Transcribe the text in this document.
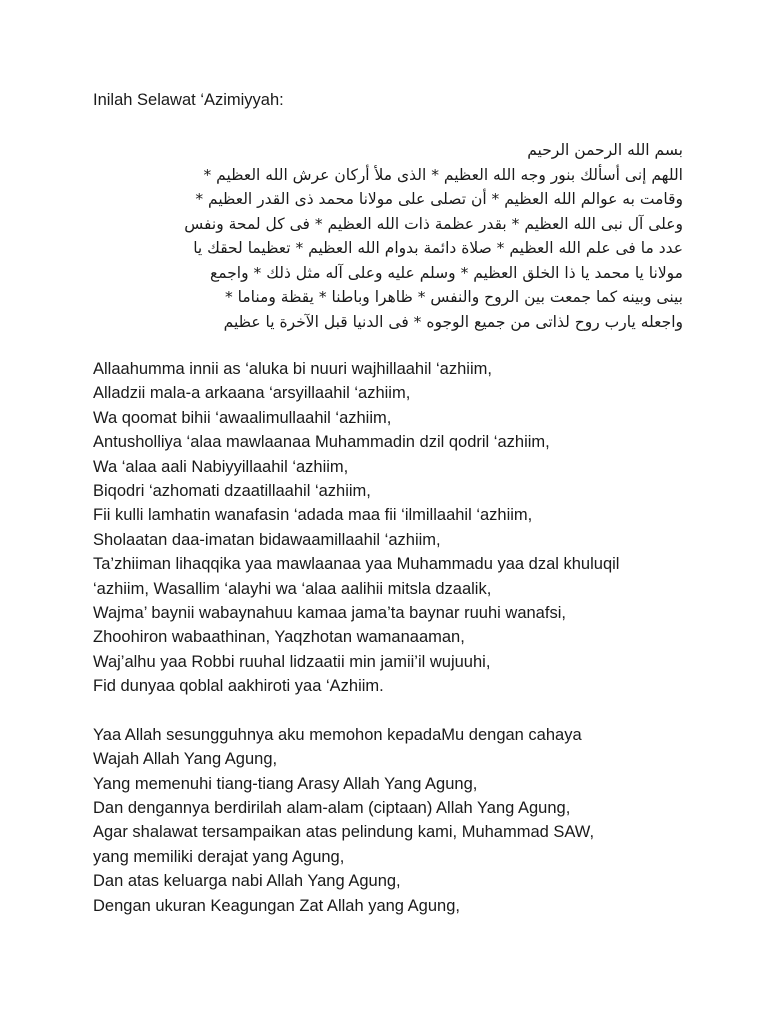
Inilah Selawat ‘Azimiyyah:
بسم الله الرحمن الرحيم
اللهم إنى أسألك بنور وجه الله العظيم * الذى ملأ أركان عرش الله العظيم *
وقامت به عوالم الله العظيم * أن تصلى على مولانا محمد ذى القدر العظيم *
وعلى آل نبى الله العظيم * بقدر عظمة ذات الله العظيم * فى كل لمحة ونفس
عدد ما فى علم الله العظيم * صلاة دائمة بدوام الله العظيم * تعظيما لحقك يا
مولانا يا محمد يا ذا الخلق العظيم * وسلم عليه وعلى آله مثل ذلك * واجمع
بينى وبينه كما جمعت بين الروح والنفس * ظاهرا وباطنا * يقظة ومناما *
واجعله يارب روح لذاتى من جميع الوجوه * فى الدنيا قبل الآخرة يا عظيم
Allaahumma innii as ‘aluka bi nuuri wajhillaahil ‘azhiim,
Alladzii mala-a arkaana ‘arsyillaahil ‘azhiim,
Wa qoomat bihii ‘awaalimullaahil ‘azhiim,
Antusholliya ‘alaa mawlaanaa Muhammadin dzil qodril ‘azhiim,
Wa ‘alaa aali Nabiyyillaahil ‘azhiim,
Biqodri ‘azhomati dzaatillaahil ‘azhiim,
Fii kulli lamhatin wanafasin ‘adada maa fii ‘ilmillaahil ‘azhiim,
Sholaatan daa-imatan bidawaamillaahil ‘azhiim,
Ta’zhiiman lihaqqika yaa mawlaanaa yaa Muhammadu yaa dzal khuluqil
‘azhiim, Wasallim ‘alayhi wa ‘alaa aalihii mitsla dzaalik,
Wajma’ baynii wabaynahuu kamaa jama’ta baynar ruuhi wanafsi,
Zhoohiron wabaathinan, Yaqzhotan wamanaaman,
Waj’alhu yaa Robbi ruuhal lidzaatii min jamii’il wujuuhi,
Fid dunyaa qoblal aakhiroti yaa ‘Azhiim.
Yaa Allah sesungguhnya aku memohon kepadaMu dengan cahaya
Wajah Allah Yang Agung,
Yang memenuhi tiang-tiang Arasy Allah Yang Agung,
Dan dengannya berdirilah alam-alam (ciptaan) Allah Yang Agung,
Agar shalawat tersampaikan atas pelindung kami, Muhammad SAW,
yang memiliki derajat yang Agung,
Dan atas keluarga nabi Allah Yang Agung,
Dengan ukuran Keagungan Zat Allah yang Agung,
